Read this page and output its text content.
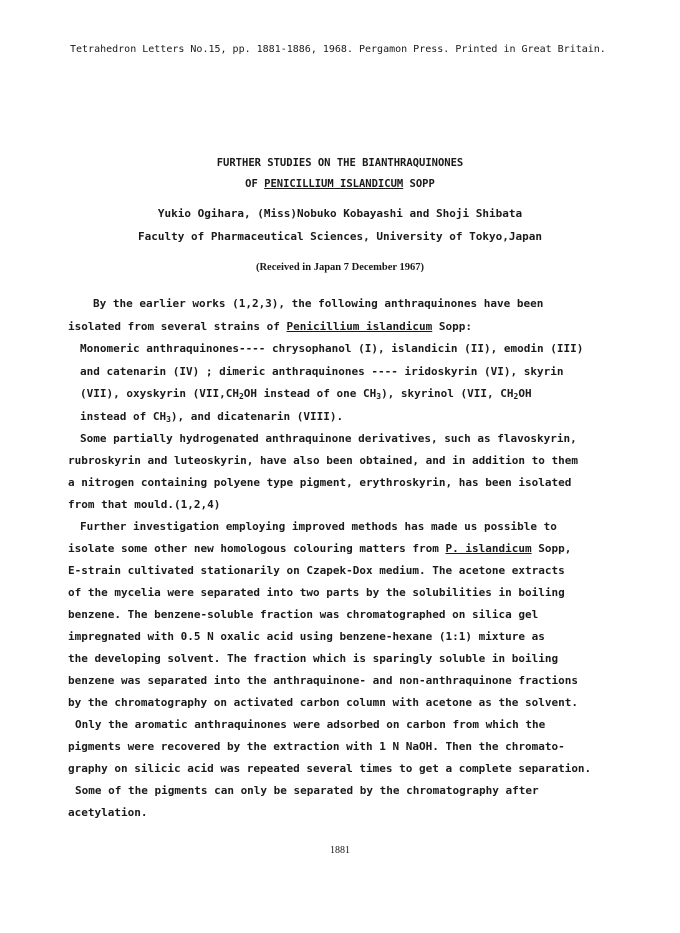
Tetrahedron Letters No.15, pp. 1881-1886, 1968. Pergamon Press. Printed in Great Britain.
FURTHER STUDIES ON THE BIANTHRAQUINONES
OF PENICILLIUM ISLANDICUM SOPP
Yukio Ogihara, (Miss)Nobuko Kobayashi and Shoji Shibata
Faculty of Pharmaceutical Sciences, University of Tokyo,Japan
(Received in Japan 7 December 1967)
By the earlier works (1,2,3), the following anthraquinones have been
isolated from several strains of Penicillium islandicum Sopp:
Monomeric anthraquinones---- chrysophanol (I), islandicin (II), emodin (III)
and catenarin (IV) ; dimeric anthraquinones ---- iridoskyrin (VI), skyrin
(VII), oxyskyrin ($VII,CH_2OH$ instead of one $CH_3$), skyrinol (VII, $CH_2OH$
instead of $CH_3$), and dicatenarin (VIII).
Some partially hydrogenated anthraquinone derivatives, such as flavoskyrin,
rubroskyrin and luteoskyrin, have also been obtained, and in addition to them
a nitrogen containing polyene type pigment, erythroskyrin, has been isolated
from that mould.(1,2,4)
Further investigation employing improved methods has made us possible to
isolate some other new homologous colouring matters from P. islandicum Sopp,
E-strain cultivated stationarily on Czapek-Dox medium. The acetone extracts
of the mycelia were separated into two parts by the solubilities in boiling
benzene. The benzene-soluble fraction was chromatographed on silica gel
impregnated with 0.5 N oxalic acid using benzene-hexane (1:1) mixture as
the developing solvent. The fraction which is sparingly soluble in boiling
benzene was separated into the anthraquinone- and non-anthraquinone fractions
by the chromatography on activated carbon column with acetone as the solvent.
Only the aromatic anthraquinones were adsorbed on carbon from which the
pigments were recovered by the extraction with 1 N NaOH. Then the chromato-
graphy on silicic acid was repeated several times to get a complete separation.
Some of the pigments can only be separated by the chromatography after
acetylation.
1881
